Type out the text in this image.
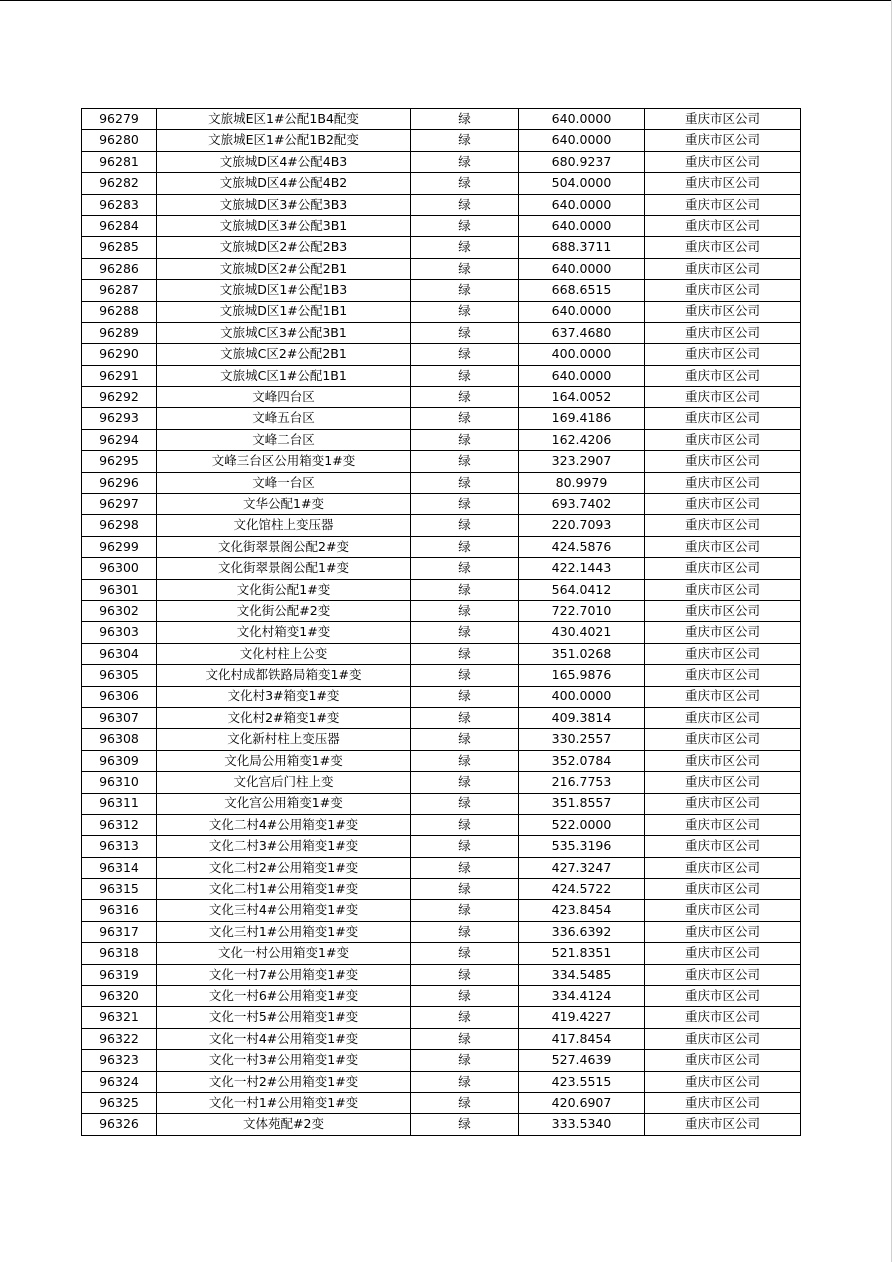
96279	文旅城E区1#公配1B4配变	绿	640.0000	重庆市区公司
96280	文旅城E区1#公配1B2配变	绿	640.0000	重庆市区公司
96281	文旅城D区4#公配4B3	绿	680.9237	重庆市区公司
96282	文旅城D区4#公配4B2	绿	504.0000	重庆市区公司
96283	文旅城D区3#公配3B3	绿	640.0000	重庆市区公司
96284	文旅城D区3#公配3B1	绿	640.0000	重庆市区公司
96285	文旅城D区2#公配2B3	绿	688.3711	重庆市区公司
96286	文旅城D区2#公配2B1	绿	640.0000	重庆市区公司
96287	文旅城D区1#公配1B3	绿	668.6515	重庆市区公司
96288	文旅城D区1#公配1B1	绿	640.0000	重庆市区公司
96289	文旅城C区3#公配3B1	绿	637.4680	重庆市区公司
96290	文旅城C区2#公配2B1	绿	400.0000	重庆市区公司
96291	文旅城C区1#公配1B1	绿	640.0000	重庆市区公司
96292	文峰四台区	绿	164.0052	重庆市区公司
96293	文峰五台区	绿	169.4186	重庆市区公司
96294	文峰二台区	绿	162.4206	重庆市区公司
96295	文峰三台区公用箱变1#变	绿	323.2907	重庆市区公司
96296	文峰一台区	绿	80.9979	重庆市区公司
96297	文华公配1#变	绿	693.7402	重庆市区公司
96298	文化馆柱上变压器	绿	220.7093	重庆市区公司
96299	文化街翠景阁公配2#变	绿	424.5876	重庆市区公司
96300	文化街翠景阁公配1#变	绿	422.1443	重庆市区公司
96301	文化街公配1#变	绿	564.0412	重庆市区公司
96302	文化街公配#2变	绿	722.7010	重庆市区公司
96303	文化村箱变1#变	绿	430.4021	重庆市区公司
96304	文化村柱上公变	绿	351.0268	重庆市区公司
96305	文化村成都铁路局箱变1#变	绿	165.9876	重庆市区公司
96306	文化村3#箱变1#变	绿	400.0000	重庆市区公司
96307	文化村2#箱变1#变	绿	409.3814	重庆市区公司
96308	文化新村柱上变压器	绿	330.2557	重庆市区公司
96309	文化局公用箱变1#变	绿	352.0784	重庆市区公司
96310	文化宫后门柱上变	绿	216.7753	重庆市区公司
96311	文化宫公用箱变1#变	绿	351.8557	重庆市区公司
96312	文化二村4#公用箱变1#变	绿	522.0000	重庆市区公司
96313	文化二村3#公用箱变1#变	绿	535.3196	重庆市区公司
96314	文化二村2#公用箱变1#变	绿	427.3247	重庆市区公司
96315	文化二村1#公用箱变1#变	绿	424.5722	重庆市区公司
96316	文化三村4#公用箱变1#变	绿	423.8454	重庆市区公司
96317	文化三村1#公用箱变1#变	绿	336.6392	重庆市区公司
96318	文化一村公用箱变1#变	绿	521.8351	重庆市区公司
96319	文化一村7#公用箱变1#变	绿	334.5485	重庆市区公司
96320	文化一村6#公用箱变1#变	绿	334.4124	重庆市区公司
96321	文化一村5#公用箱变1#变	绿	419.4227	重庆市区公司
96322	文化一村4#公用箱变1#变	绿	417.8454	重庆市区公司
96323	文化一村3#公用箱变1#变	绿	527.4639	重庆市区公司
96324	文化一村2#公用箱变1#变	绿	423.5515	重庆市区公司
96325	文化一村1#公用箱变1#变	绿	420.6907	重庆市区公司
96326	文体苑配#2变	绿	333.5340	重庆市区公司
